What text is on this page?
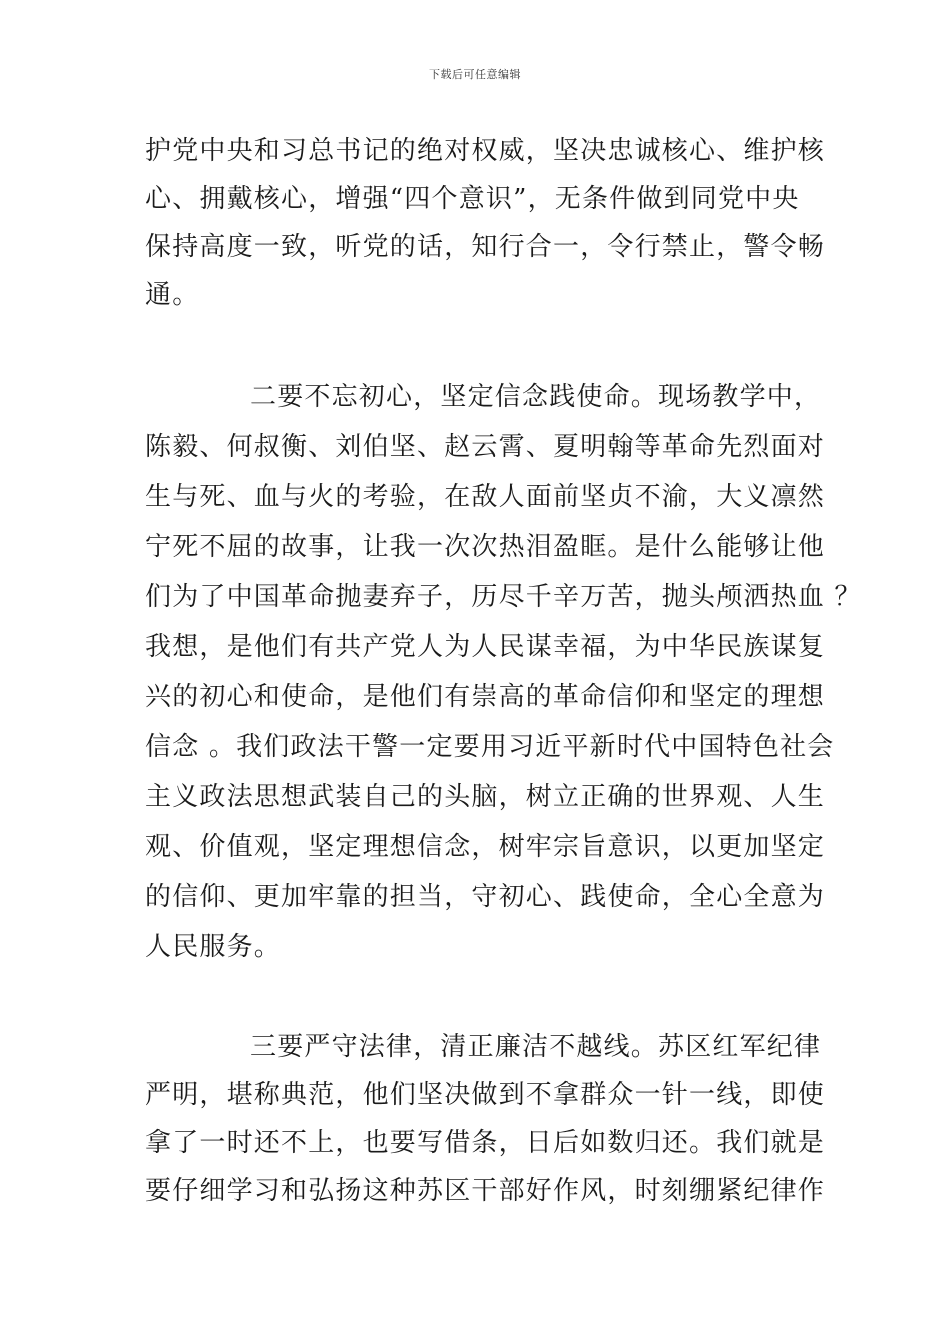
下载后可任意编辑
护党中央和习总书记的绝对权威，坚决忠诚核心、维护核
心、拥戴核心，增强“四个意识”，无条件做到同党中央
保持高度一致，听党的话，知行合一，令行禁止，警令畅
通。
二要不忘初心，坚定信念践使命。现场教学中，
陈毅、何叔衡、刘伯坚、赵云霄、夏明翰等革命先烈面对
生与死、血与火的考验，在敌人面前坚贞不渝，大义凛然
宁死不屈的故事，让我一次次热泪盈眶。是什么能够让他
们为了中国革命抛妻弃子，历尽千辛万苦，抛头颅洒热血 ？
我想，是他们有共产党人为人民谋幸福，为中华民族谋复
兴的初心和使命，是他们有崇高的革命信仰和坚定的理想
信念 。我们政法干警一定要用习近平新时代中国特色社会
主义政法思想武装自己的头脑，树立正确的世界观、人生
观、价值观，坚定理想信念，树牢宗旨意识，以更加坚定
的信仰、更加牢靠的担当，守初心、践使命，全心全意为
人民服务。
三要严守法律，清正廉洁不越线。苏区红军纪律
严明，堪称典范，他们坚决做到不拿群众一针一线，即使
拿了一时还不上，也要写借条，日后如数归还。我们就是
要仔细学习和弘扬这种苏区干部好作风，时刻绷紧纪律作
